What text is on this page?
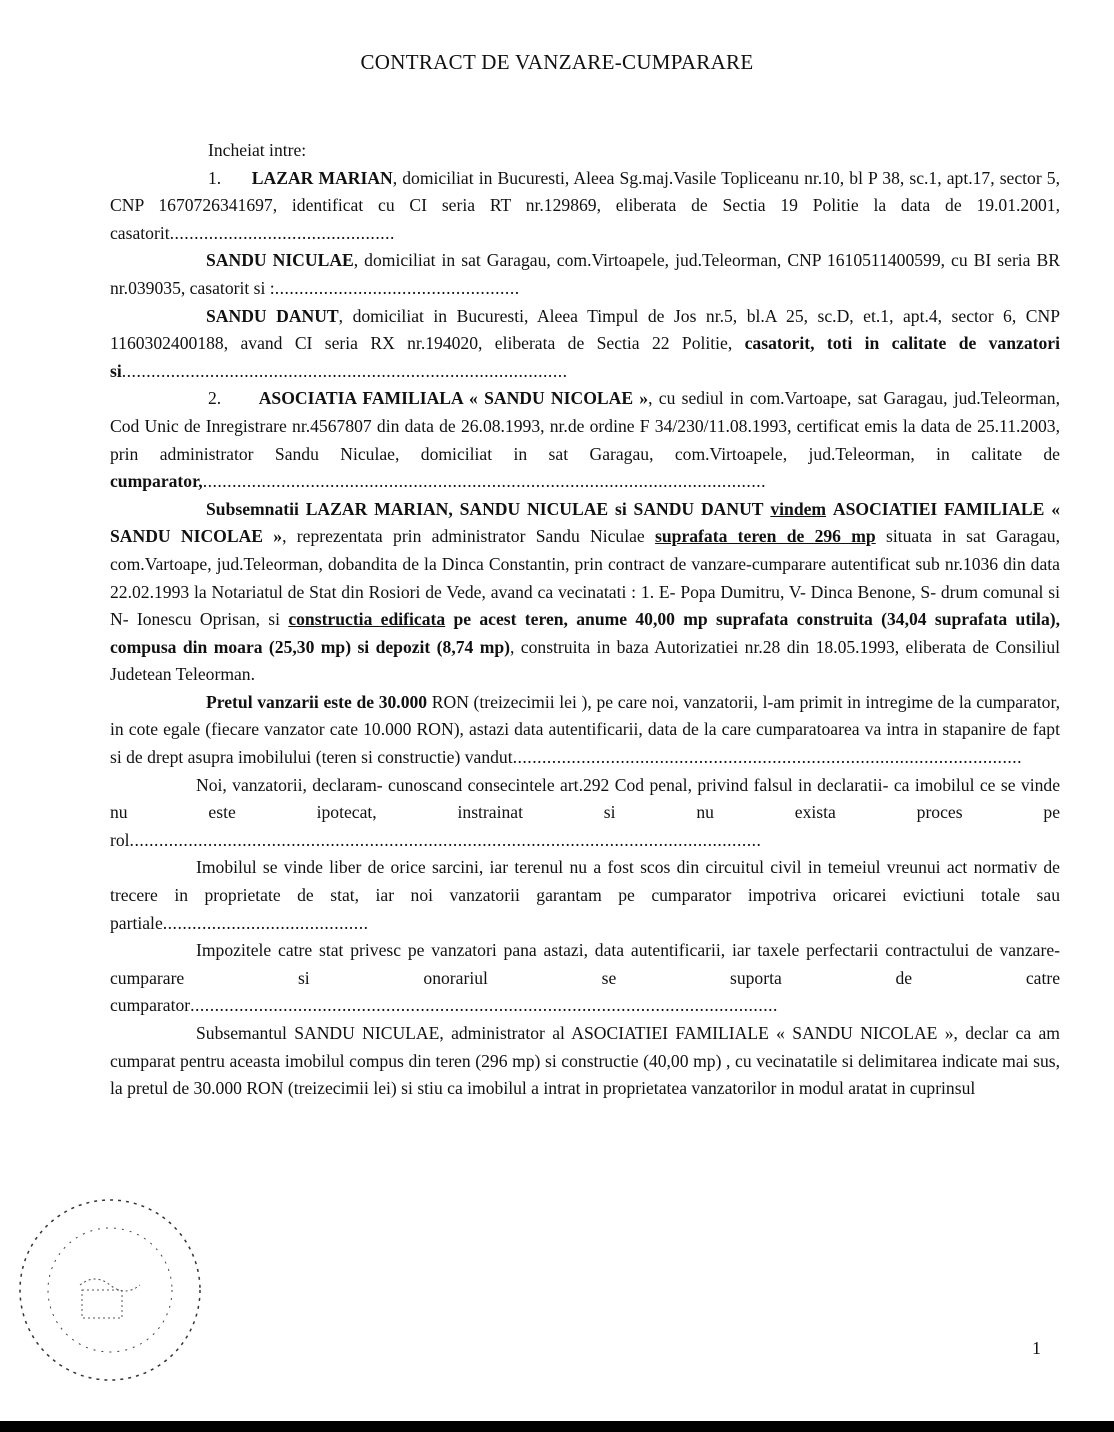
CONTRACT DE VANZARE-CUMPARARE

Incheiat intre:

1. LAZAR MARIAN, domiciliat in Bucuresti, Aleea Sg.maj.Vasile Topliceanu nr.10, bl P 38, sc.1, apt.17, sector 5, CNP 1670726341697, identificat cu CI seria RT nr.129869, eliberata de Sectia 19 Politie la data de 19.01.2001, casatorit..............................................

SANDU NICULAE, domiciliat in sat Garagau, com.Virtoapele, jud.Teleorman, CNP 1610511400599, cu BI seria BR nr.039035, casatorit si :..................................................

SANDU DANUT, domiciliat in Bucuresti, Aleea Timpul de Jos nr.5, bl.A 25, sc.D, et.1, apt.4, sector 6, CNP 1160302400188, avand CI seria RX nr.194020, eliberata de Sectia 22 Politie, casatorit, toti in calitate de vanzatori si...........................................................................................

2. ASOCIATIA FAMILIALA « SANDU NICOLAE », cu sediul in com.Vartoape, sat Garagau, jud.Teleorman, Cod Unic de Inregistrare nr.4567807 din data de 26.08.1993, nr.de ordine F 34/230/11.08.1993, certificat emis la data de 25.11.2003, prin administrator Sandu Niculae, domiciliat in sat Garagau, com.Virtoapele, jud.Teleorman, in calitate de cumparator,...................................................................................................................

Subsemnatii LAZAR MARIAN, SANDU NICULAE si SANDU DANUT vindem ASOCIATIEI FAMILIALE « SANDU NICOLAE », reprezentata prin administrator Sandu Niculae suprafata teren de 296 mp situata in sat Garagau, com.Vartoape, jud.Teleorman, dobandita de la Dinca Constantin, prin contract de vanzare-cumparare autentificat sub nr.1036 din data 22.02.1993 la Notariatul de Stat din Rosiori de Vede, avand ca vecinatati : 1. E- Popa Dumitru, V- Dinca Benone, S- drum comunal si N- Ionescu Oprisan, si constructia edificata pe acest teren, anume 40,00 mp suprafata construita (34,04 suprafata utila), compusa din moara (25,30 mp) si depozit (8,74 mp), construita in baza Autorizatiei nr.28 din 18.05.1993, eliberata de Consiliul Judetean Teleorman.

Pretul vanzarii este de 30.000 RON (treizecimii lei ), pe care noi, vanzatorii, l-am primit in intregime de la cumparator, in cote egale (fiecare vanzator cate 10.000 RON), astazi data autentificarii, data de la care cumparatoarea va intra in stapanire de fapt si de drept asupra imobilului (teren si constructie) vandut........................................................................................................

Noi, vanzatorii, declaram- cunoscand consecintele art.292 Cod penal, privind falsul in declaratii- ca imobilul ce se vinde nu este ipotecat, instrainat si nu exista proces pe rol.................................................................................................................................

Imobilul se vinde liber de orice sarcini, iar terenul nu a fost scos din circuitul civil in temeiul vreunui act normativ de trecere in proprietate de stat, iar noi vanzatorii garantam pe cumparator impotriva oricarei evictiuni totale sau partiale..........................................

Impozitele catre stat privesc pe vanzatori pana astazi, data autentificarii, iar taxele perfectarii contractului de vanzare-cumparare si onorariul se suporta de catre cumparator........................................................................................................................

Subsemantul SANDU NICULAE, administrator al ASOCIATIEI FAMILIALE « SANDU NICOLAE », declar ca am cumparat pentru aceasta imobilul compus din teren (296 mp) si constructie (40,00 mp) , cu vecinatatile si delimitarea indicate mai sus, la pretul de 30.000 RON (treizecimii lei) si stiu ca imobilul a intrat in proprietatea vanzatorilor in modul aratat in cuprinsul

1
